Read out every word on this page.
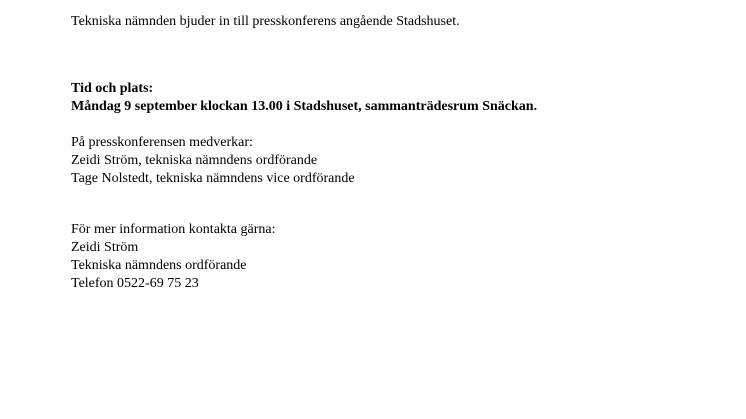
Tekniska nämnden bjuder in till presskonferens angående Stadshuset.
Tid och plats:
Måndag 9 september klockan 13.00 i Stadshuset, sammanträdesrum Snäckan.
På presskonferensen medverkar:
Zeidi Ström, tekniska nämndens ordförande
Tage Nolstedt, tekniska nämndens vice ordförande
För mer information kontakta gärna:
Zeidi Ström
Tekniska nämndens ordförande
Telefon 0522-69 75 23
